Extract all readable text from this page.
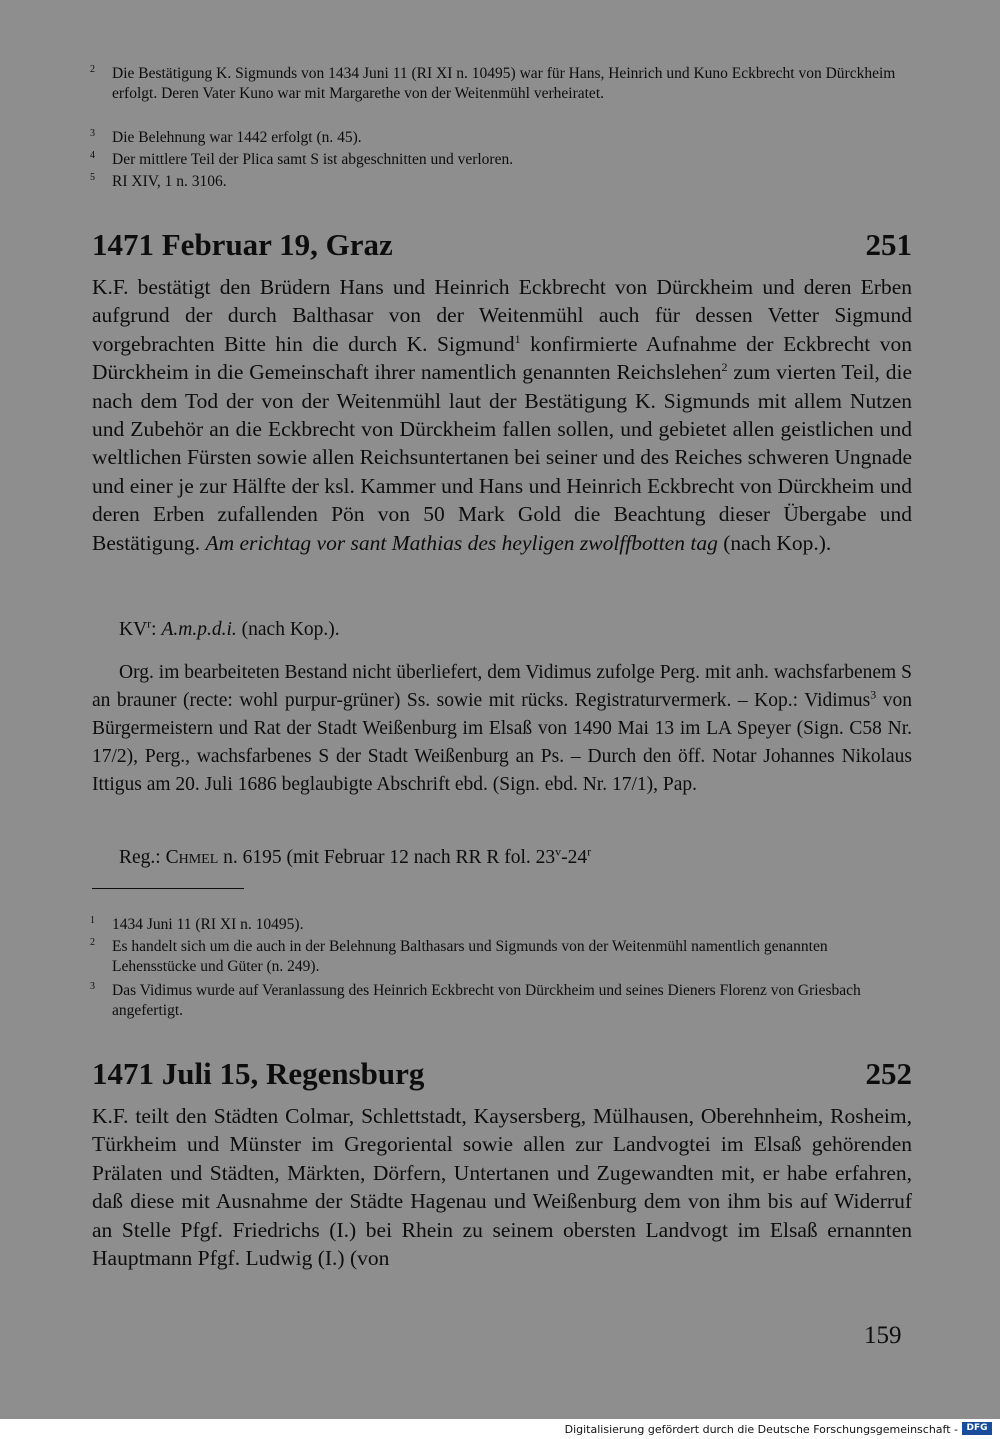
2 Die Bestätigung K. Sigmunds von 1434 Juni 11 (RI XI n. 10495) war für Hans, Heinrich und Kuno Eckbrecht von Dürckheim erfolgt. Deren Vater Kuno war mit Margarethe von der Weitenmühl verheiratet.
3 Die Belehnung war 1442 erfolgt (n. 45).
4 Der mittlere Teil der Plica samt S ist abgeschnitten und verloren.
5 RI XIV, 1 n. 3106.
1471 Februar 19, Graz	251
K.F. bestätigt den Brüdern Hans und Heinrich Eckbrecht von Dürckheim und deren Erben aufgrund der durch Balthasar von der Weitenmühl auch für dessen Vetter Sigmund vorgebrachten Bitte hin die durch K. Sigmund$^1$ konfirmierte Aufnahme der Eckbrecht von Dürckheim in die Gemeinschaft ihrer namentlich genannten Reichslehen$^2$ zum vierten Teil, die nach dem Tod der von der Weitenmühl laut der Bestätigung K. Sigmunds mit allem Nutzen und Zubehör an die Eckbrecht von Dürckheim fallen sollen, und gebietet allen geistlichen und weltlichen Fürsten sowie allen Reichsuntertanen bei seiner und des Reiches schweren Ungnade und einer je zur Hälfte der ksl. Kammer und Hans und Heinrich Eckbrecht von Dürckheim und deren Erben zufallenden Pön von 50 Mark Gold die Beachtung dieser Übergabe und Bestätigung. Am erichtag vor sant Mathias des heyligen zwolffbotten tag (nach Kop.).
$KV^r$: A.m.p.d.i. (nach Kop.).
Org. im bearbeiteten Bestand nicht überliefert, dem Vidimus zufolge Perg. mit anh. wachsfarbenem S an brauner (recte: wohl purpur-grüner) Ss. sowie mit rücks. Registraturvermerk. – Kop.: Vidimus$^3$ von Bürgermeistern und Rat der Stadt Weißenburg im Elsaß von 1490 Mai 13 im LA Speyer (Sign. C58 Nr. 17/2), Perg., wachsfarbenes S der Stadt Weißenburg an Ps. – Durch den öff. Notar Johannes Nikolaus Ittigus am 20. Juli 1686 beglaubigte Abschrift ebd. (Sign. ebd. Nr. 17/1), Pap.
Reg.: Chmel n. 6195 (mit Februar 12 nach RR R fol. 23$^v$-24$^r$
1 1434 Juni 11 (RI XI n. 10495).
2 Es handelt sich um die auch in der Belehnung Balthasars und Sigmunds von der Weitenmühl namentlich genannten Lehensstücke und Güter (n. 249).
3 Das Vidimus wurde auf Veranlassung des Heinrich Eckbrecht von Dürckheim und seines Dieners Florenz von Griesbach angefertigt.
1471 Juli 15, Regensburg	252
K.F. teilt den Städten Colmar, Schlettstadt, Kaysersberg, Mülhausen, Oberehnheim, Rosheim, Türkheim und Münster im Gregoriental sowie allen zur Landvogtei im Elsaß gehörenden Prälaten und Städten, Märkten, Dörfern, Untertanen und Zugewandten mit, er habe erfahren, daß diese mit Ausnahme der Städte Hagenau und Weißenburg dem von ihm bis auf Widerruf an Stelle Pfgf. Friedrichs (I.) bei Rhein zu seinem obersten Landvogt im Elsaß ernannten Hauptmann Pfgf. Ludwig (I.) (von
159
Digitalisierung gefördert durch die Deutsche Forschungsgemeinschaft - DFG
